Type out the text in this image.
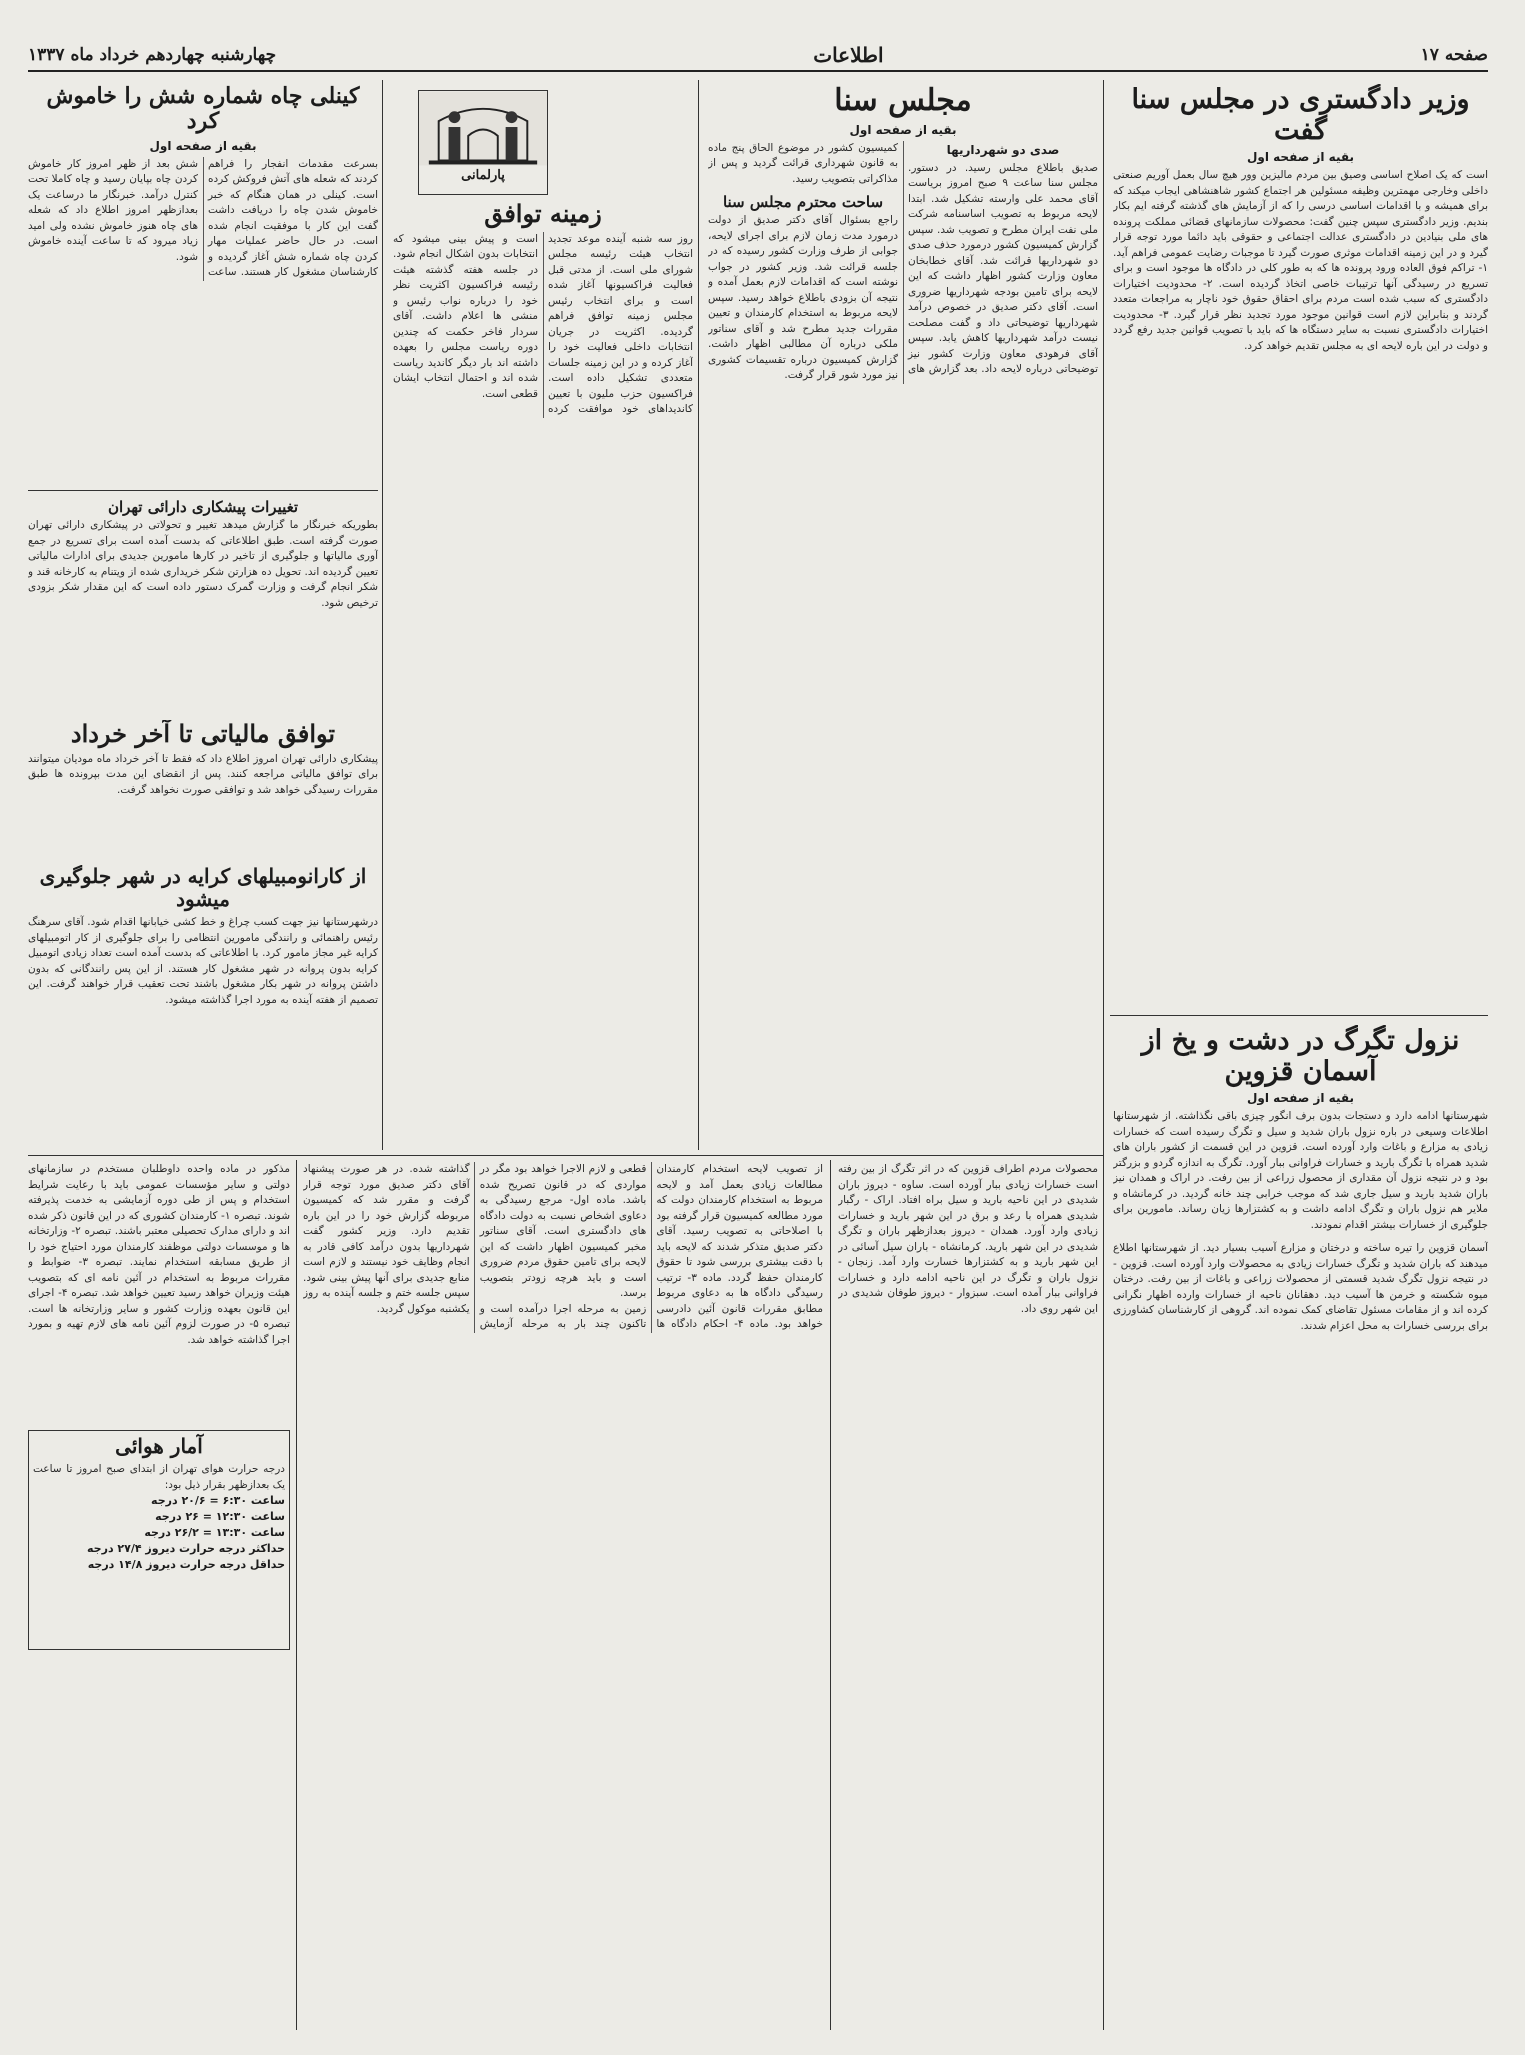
چهارشنبه چهاردهم خرداد ماه ۱۳۳۷	اطلاعات	صفحه ۱۷
وزیر دادگستری در مجلس سنا گفت
بقیه از صفحه اول

است که یک اصلاح اساسی وصیق بین مردم مالیزین وور هیچ سال بعمل آوریم صنعتی داخلی وخارجی مهمترین وظیفه مسئولین هر اجتماع کشور شاهنشاهی ایجاب میکند که برای همیشه و با اقدامات اساسی درسی را که از آزمایش های گذشته گرفته ایم بکار بندیم. وزیر دادگستری سپس چنین گفت: محصولات سازمانهای قضائی مملکت پرونده های ملی بنیادین در دادگستری عدالت اجتماعی و حقوقی باید دائما مورد توجه قرار گیرد و در این زمینه اقدامات موثری صورت گیرد تا موجبات رضایت عمومی فراهم آید. ۱- تراکم فوق العاده ورود پرونده ها که به طور کلی در دادگاه ها موجود است و برای تسریع در رسیدگی آنها ترتیبات خاصی اتخاذ گردیده است. ۲- محدودیت اختیارات دادگستری که سبب شده است مردم برای احقاق حقوق خود ناچار به مراجعات متعدد گردند و بنابراین لازم است قوانین موجود مورد تجدید نظر قرار گیرد. ۳- محدودیت اختیارات دادگستری نسبت به سایر دستگاه ها که باید با تصویب قوانین جدید رفع گردد و دولت در این باره لایحه ای به مجلس تقدیم خواهد کرد.

نزول تگرگ در دشت و یخ از آسمان قزوین
بقیه از صفحه اول

شهرستانها ادامه دارد و دستجات بدون برف انگور چیزی باقی نگذاشته. از شهرستانها اطلاعات وسیعی در باره نزول باران شدید و سیل و تگرگ رسیده است که خسارات زیادی به مزارع و باغات وارد آورده است. قزوین در این قسمت از کشور باران های شدید همراه با تگرگ بارید و خسارات فراوانی ببار آورد. تگرگ به اندازه گردو و بزرگتر بود و در نتیجه نزول آن مقداری از محصول زراعی از بین رفت. در اراک و همدان نیز باران شدید بارید و سیل جاری شد که موجب خرابی چند خانه گردید. در کرمانشاه و ملایر هم نزول باران و تگرگ ادامه داشت و به کشتزارها زیان رساند. مامورین برای جلوگیری از خسارات بیشتر اقدام نمودند.

آسمان قزوین را تیره ساخته و درختان و مزارع آسیب بسیار دید. از شهرستانها اطلاع میدهند که باران شدید و تگرگ خسارات زیادی به محصولات وارد آورده است. قزوین - در نتیجه نزول تگرگ شدید قسمتی از محصولات زراعی و باغات از بین رفت. درختان میوه شکسته و خرمن ها آسیب دید. دهقانان ناحیه از خسارات وارده اظهار نگرانی کرده اند و از مقامات مسئول تقاضای کمک نموده اند. گروهی از کارشناسان کشاورزی برای بررسی خسارات به محل اعزام شدند.

مجلس سنا
بقیه از صفحه اول
صدی دو شهرداریها

صدیق باطلاع مجلس رسید. در دستور. مجلس سنا ساعت ۹ صبح امروز بریاست آقای محمد علی وارسته تشکیل شد. ابتدا لایحه مربوط به تصویب اساسنامه شرکت ملی نفت ایران مطرح و تصویب شد. سپس گزارش کمیسیون کشور درمورد حذف صدی دو شهرداریها قرائت شد. آقای خطابخان معاون وزارت کشور اظهار داشت که این لایحه برای تامین بودجه شهرداریها ضروری است. آقای دکتر صدیق در خصوص درآمد شهرداریها توضیحاتی داد و گفت مصلحت نیست درآمد شهرداریها کاهش یابد. سپس آقای فرهودی معاون وزارت کشور نیز توضیحاتی درباره لایحه داد. بعد گزارش های کمیسیون کشور در موضوع الحاق پنج ماده به قانون شهرداری قرائت گردید و پس از مذاکراتی بتصویب رسید.

ساحت محترم مجلس سنا

راجع بسئوال آقای دکتر صدیق از دولت درمورد مدت زمان لازم برای اجرای لایحه، جوابی از طرف وزارت کشور رسیده که در جلسه قرائت شد. وزیر کشور در جواب نوشته است که اقدامات لازم بعمل آمده و نتیجه آن بزودی باطلاع خواهد رسید. سپس لایحه مربوط به استخدام کارمندان و تعیین مقررات جدید مطرح شد و آقای سناتور ملکی درباره آن مطالبی اظهار داشت. گزارش کمیسیون درباره تقسیمات کشوری نیز مورد شور قرار گرفت.

پارلمانی
زمینه توافق

روز سه شنبه آینده موعد تجدید انتخاب هیئت رئیسه مجلس شورای ملی است. از مدتی قبل فعالیت فراکسیونها آغاز شده است و برای انتخاب رئیس مجلس زمینه توافق فراهم گردیده. اکثریت در جریان انتخابات داخلی فعالیت خود را آغاز کرده و در این زمینه جلسات متعددی تشکیل داده است. فراکسیون حزب ملیون با تعیین کاندیداهای خود موافقت کرده است و پیش بینی میشود که انتخابات بدون اشکال انجام شود. در جلسه هفته گذشته هیئت رئیسه فراکسیون اکثریت نظر خود را درباره نواب رئیس و منشی ها اعلام داشت. آقای سردار فاخر حکمت که چندین دوره ریاست مجلس را بعهده داشته اند بار دیگر کاندید ریاست شده اند و احتمال انتخاب ایشان قطعی است.

کینلی چاه شماره شش را خاموش کرد
بقیه از صفحه اول

بسرعت مقدمات انفجار را فراهم کردند که شعله های آتش فروکش کرده است. کینلی در همان هنگام که خبر خاموش شدن چاه را دریافت داشت گفت این کار با موفقیت انجام شده است. در حال حاضر عملیات مهار کردن چاه شماره شش آغاز گردیده و کارشناسان مشغول کار هستند. ساعت شش بعد از ظهر امروز کار خاموش کردن چاه بپایان رسید و چاه کاملا تحت کنترل درآمد. خبرنگار ما درساعت یک بعدازظهر امروز اطلاع داد که شعله های چاه هنوز خاموش نشده ولی امید زیاد میرود که تا ساعت آینده خاموش شود.

تغییرات پیشکاری دارائی تهران

بطوریکه خبرنگار ما گزارش میدهد تغییر و تحولاتی در پیشکاری دارائی تهران صورت گرفته است. طبق اطلاعاتی که بدست آمده است برای تسریع در جمع آوری مالیاتها و جلوگیری از تاخیر در کارها مامورین جدیدی برای ادارات مالیاتی تعیین گردیده اند. تحویل ده هزارتن شکر خریداری شده از ویتنام به کارخانه قند و شکر انجام گرفت و وزارت گمرک دستور داده است که این مقدار شکر بزودی ترخیص شود.

توافق مالیاتی تا آخر خرداد

پیشکاری دارائی تهران امروز اطلاع داد که فقط تا آخر خرداد ماه مودیان میتوانند برای توافق مالیاتی مراجعه کنند. پس از انقضای این مدت بپرونده ها طبق مقررات رسیدگی خواهد شد و توافقی صورت نخواهد گرفت.

از کارانومبیلهای کرایه در شهر جلوگیری میشود

درشهرستانها نیز جهت کسب چراغ و خط کشی خیابانها اقدام شود. آقای سرهنگ رئیس راهنمائی و رانندگی مامورین انتظامی را برای جلوگیری از کار اتومبیلهای کرایه غیر مجاز مامور کرد. با اطلاعاتی که بدست آمده است تعداد زیادی اتومبیل کرایه بدون پروانه در شهر مشغول کار هستند. از این پس رانندگانی که بدون داشتن پروانه در شهر بکار مشغول باشند تحت تعقیب قرار خواهند گرفت. این تصمیم از هفته آینده به مورد اجرا گذاشته میشود.

مذکور در ماده واحده داوطلبان مستخدم در سازمانهای دولتی و سایر مؤسسات عمومی باید با رعایت شرایط استخدام و پس از طی دوره آزمایشی به خدمت پذیرفته شوند. تبصره ۱- کارمندان کشوری که در این قانون ذکر شده اند و دارای مدارک تحصیلی معتبر باشند. تبصره ۲- وزارتخانه ها و موسسات دولتی موظفند کارمندان مورد احتیاج خود را از طریق مسابقه استخدام نمایند. تبصره ۳- ضوابط و مقررات مربوط به استخدام در آئین نامه ای که بتصویب هیئت وزیران خواهد رسید تعیین خواهد شد. تبصره ۴- اجرای این قانون بعهده وزارت کشور و سایر وزارتخانه ها است. تبصره ۵- در صورت لزوم آئین نامه های لازم تهیه و بمورد اجرا گذاشته خواهد شد.

آمار هوائی

درجه حرارت هوای تهران از ابتدای صبح امروز تا ساعت یک بعدازظهر بقرار ذیل بود:

ساعت ۶:۳۰ = ۲۰/۶ درجه
ساعت ۱۲:۳۰ = ۲۶ درجه
ساعت ۱۳:۳۰ = ۲۶/۲ درجه
حداکثر درجه حرارت دیروز ۲۷/۴ درجه
حداقل درجه حرارت دیروز ۱۴/۸ درجه

از تصویب لایحه استخدام کارمندان مطالعات زیادی بعمل آمد و لایحه مربوط به استخدام کارمندان دولت که مورد مطالعه کمیسیون قرار گرفته بود با اصلاحاتی به تصویب رسید. آقای دکتر صدیق متذکر شدند که لایحه باید با دقت بیشتری بررسی شود تا حقوق کارمندان حفظ گردد. ماده ۳- ترتیب رسیدگی دادگاه ها به دعاوی مربوط مطابق مقررات قانون آئین دادرسی خواهد بود. ماده ۴- احکام دادگاه ها قطعی و لازم الاجرا خواهد بود مگر در مواردی که در قانون تصریح شده باشد. ماده اول- مرجع رسیدگی به دعاوی اشخاص نسبت به دولت دادگاه های دادگستری است. آقای سناتور مخبر کمیسیون اظهار داشت که این لایحه برای تامین حقوق مردم ضروری است و باید هرچه زودتر بتصویب برسد.

زمین به مرحله اجرا درآمده است و تاکنون چند بار به مرحله آزمایش گذاشته شده. در هر صورت پیشنهاد آقای دکتر صدیق مورد توجه قرار گرفت و مقرر شد که کمیسیون مربوطه گزارش خود را در این باره تقدیم دارد. وزیر کشور گفت شهرداریها بدون درآمد کافی قادر به انجام وظایف خود نیستند و لازم است منابع جدیدی برای آنها پیش بینی شود. سپس جلسه ختم و جلسه آینده به روز یکشنبه موکول گردید.

محصولات مردم اطراف قزوین که در اثر تگرگ از بین رفته است خسارات زیادی ببار آورده است. ساوه - دیروز باران شدیدی در این ناحیه بارید و سیل براه افتاد. اراک - رگبار شدیدی همراه با رعد و برق در این شهر بارید و خسارات زیادی وارد آورد. همدان - دیروز بعدازظهر باران و تگرگ شدیدی در این شهر بارید. کرمانشاه - باران سیل آسائی در این شهر بارید و به کشتزارها خسارت وارد آمد. زنجان - نزول باران و تگرگ در این ناحیه ادامه دارد و خسارات فراوانی ببار آمده است. سبزوار - دیروز طوفان شدیدی در این شهر روی داد.
